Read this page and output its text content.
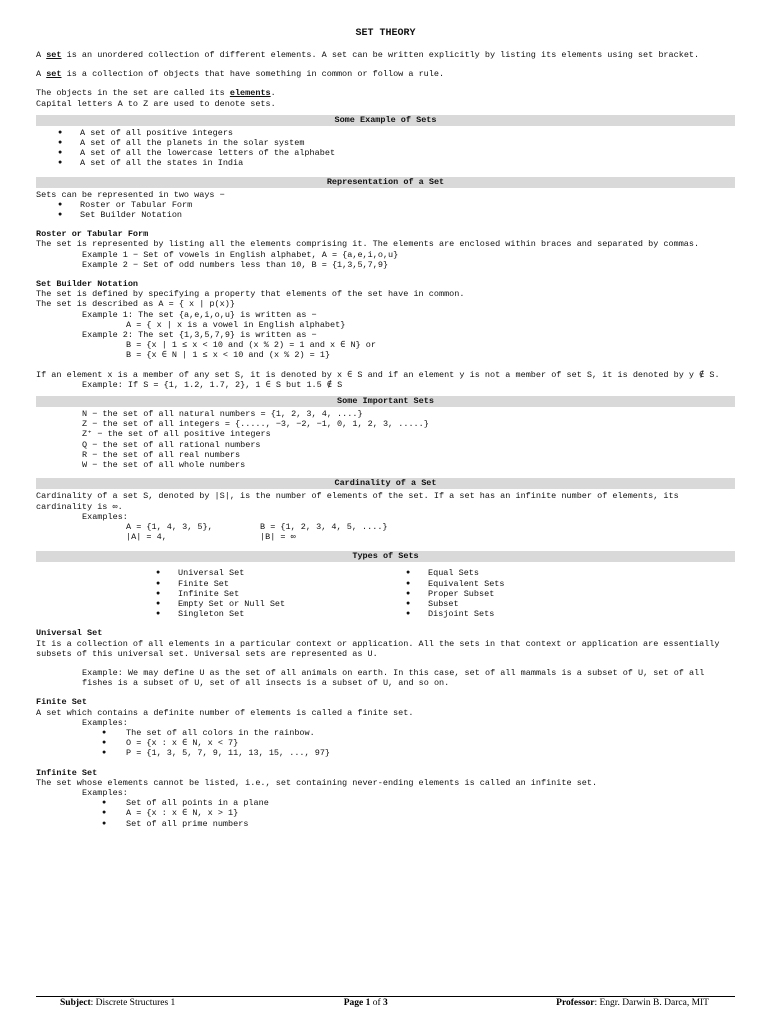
SET THEORY

A set is an unordered collection of different elements. A set can be written explicitly by listing its elements using set bracket.

A set is a collection of objects that have something in common or follow a rule.

The objects in the set are called its elements.

Capital letters A to Z are used to denote sets.

Some Example of Sets
● A set of all positive integers
● A set of all the planets in the solar system
● A set of all the lowercase letters of the alphabet
● A set of all the states in India
Representation of a Set

Sets can be represented in two ways −

● Roster or Tabular Form
● Set Builder Notation

Roster or Tabular Form

The set is represented by listing all the elements comprising it. The elements are enclosed within braces and separated by commas.

Example 1 − Set of vowels in English alphabet, A = {a,e,i,o,u}

Example 2 − Set of odd numbers less than 10, B = {1,3,5,7,9}

Set Builder Notation

The set is defined by specifying a property that elements of the set have in common.

The set is described as A = { x | p(x)}

Example 1: The set {a,e,i,o,u} is written as −

A = { x | x is a vowel in English alphabet}

Example 2: The set {1,3,5,7,9} is written as −

B = {x | 1 ≤ x < 10 and (x % 2) = 1 and x ∈ N} or

B = {x ∈ N | 1 ≤ x < 10 and (x % 2) = 1}

If an element x is a member of any set S, it is denoted by x ∈ S and if an element y is not a member of set S, it is denoted by y ∉ S.

Example: If S = {1, 1.2, 1.7, 2}, 1 ∈ S but 1.5 ∉ S

Some Important Sets

N − the set of all natural numbers = {1, 2, 3, 4, ....}

Z − the set of all integers = {....., −3, −2, −1, 0, 1, 2, 3, .....}

Z⁺ − the set of all positive integers

Q − the set of all rational numbers

R − the set of all real numbers

W − the set of all whole numbers

Cardinality of a Set

Cardinality of a set S, denoted by |S|, is the number of elements of the set. If a set has an infinite number of elements, its cardinality is ∞.

Examples:

A = {1, 4, 3, 5},	B = {1, 2, 3, 4, 5, ....}
|A| = 4,	|B| = ∞
Types of Sets
● Universal Set
● Finite Set
● Infinite Set
● Empty Set or Null Set
● Singleton Set
● Equal Sets
● Equivalent Sets
● Proper Subset
● Subset
● Disjoint Sets

Universal Set

It is a collection of all elements in a particular context or application. All the sets in that context or application are essentially subsets of this universal set. Universal sets are represented as U.

Example: We may define U as the set of all animals on earth. In this case, set of all mammals is a subset of U, set of all fishes is a subset of U, set of all insects is a subset of U, and so on.

Finite Set

A set which contains a definite number of elements is called a finite set.

Examples:

● The set of all colors in the rainbow.
● O = {x : x ∈ N, x < 7}
● P = {1, 3, 5, 7, 9, 11, 13, 15, ..., 97}

Infinite Set

The set whose elements cannot be listed, i.e., set containing never-ending elements is called an infinite set.

Examples:

● Set of all points in a plane
● A = {x : x ∈ N, x > 1}
● Set of all prime numbers
Subject: Discrete Structures 1	Page 1 of 3	Professor: Engr. Darwin B. Darca, MIT
